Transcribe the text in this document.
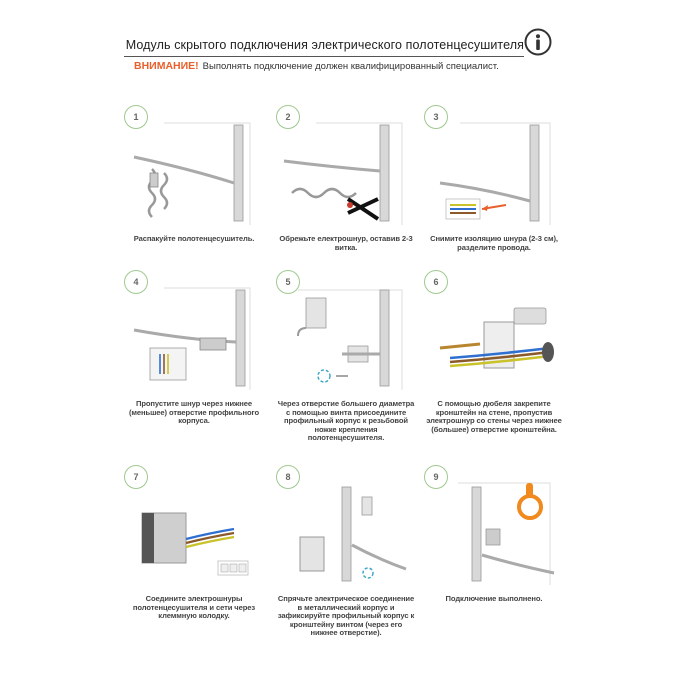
Модуль скрытого подключения электрического полотенцесушителя
ВНИМАНИЕ! Выполнять подключение должен квалифицированный специалист.
1
Распакуйте полотенцесушитель.
2
Обрежьте електрошнур, оставив 2-3 витка.
3
Снимите изоляцию шнура (2-3 см), разделите провода.
4
Пропустите шнур через нижнее (меньшее) отверстие профильного корпуса.
5
Через отверстие большего диаметра с помощью винта присоедините профильный корпус к резьбовой ножке крепления полотенцесушителя.
6
С помощью дюбеля закрепите кронштейн на стене, пропустив электрошнур со стены через нижнее (большее) отверстие кронштейна.
7
Соедините электрошнуры полотенцесушителя и сети через клеммную колодку.
8
Спрячьте электрическое соединение в металлический корпус и зафиксируйте профильный корпус к кронштейну винтом (через его нижнее отверстие).
9
Подключение выполнено.
